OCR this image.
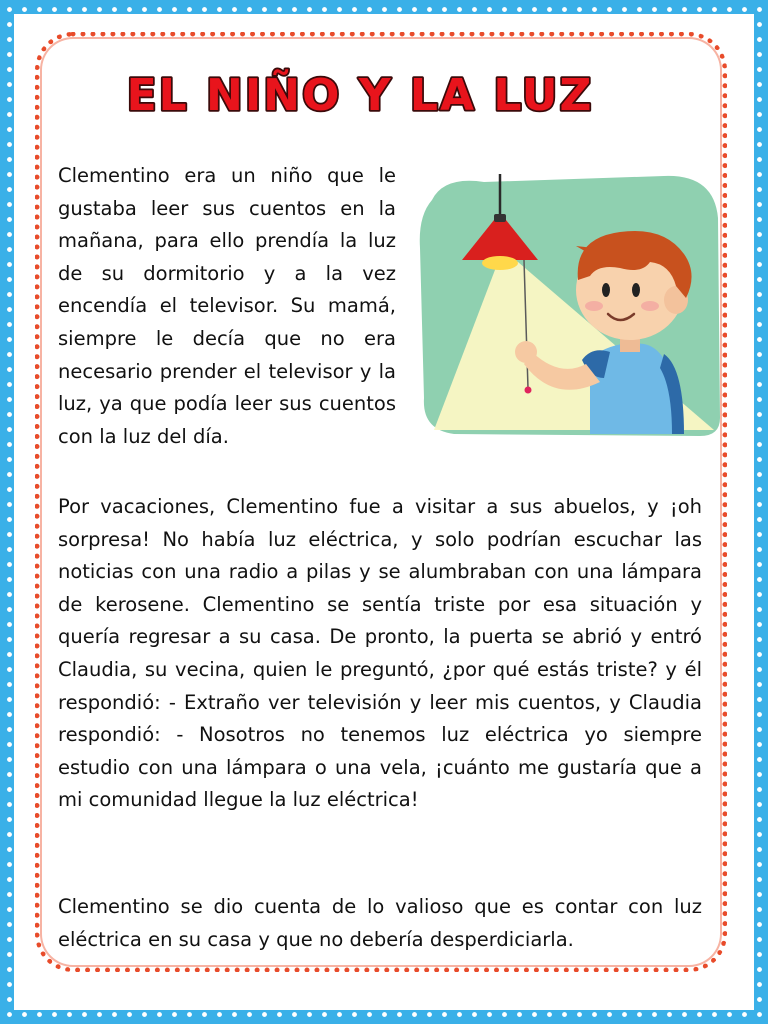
EL NIÑO Y LA LUZ

Clementino era un niño que le gustaba leer sus cuentos en la mañana, para ello prendía la luz de su dormitorio y a la vez encendía el televisor. Su mamá, siempre le decía que no era necesario prender el televisor y la luz, ya que podía leer sus cuentos con la luz del día.

Por vacaciones, Clementino fue a visitar a sus abuelos, y ¡oh sorpresa! No había luz eléctrica, y solo podrían escuchar las noticias con una radio a pilas y se alumbraban con una lámpara de kerosene. Clementino se sentía triste por esa situación y quería regresar a su casa. De pronto, la puerta se abrió y entró Claudia, su vecina, quien le preguntó, ¿por qué estás triste? y él respondió: - Extraño ver televisión y leer mis cuentos, y Claudia respondió: - Nosotros no tenemos luz eléctrica yo siempre estudio con una lámpara o una vela, ¡cuánto me gustaría que a mi comunidad llegue la luz eléctrica!

Clementino se dio cuenta de lo valioso que es contar con luz eléctrica en su casa y que no debería desperdiciarla.
